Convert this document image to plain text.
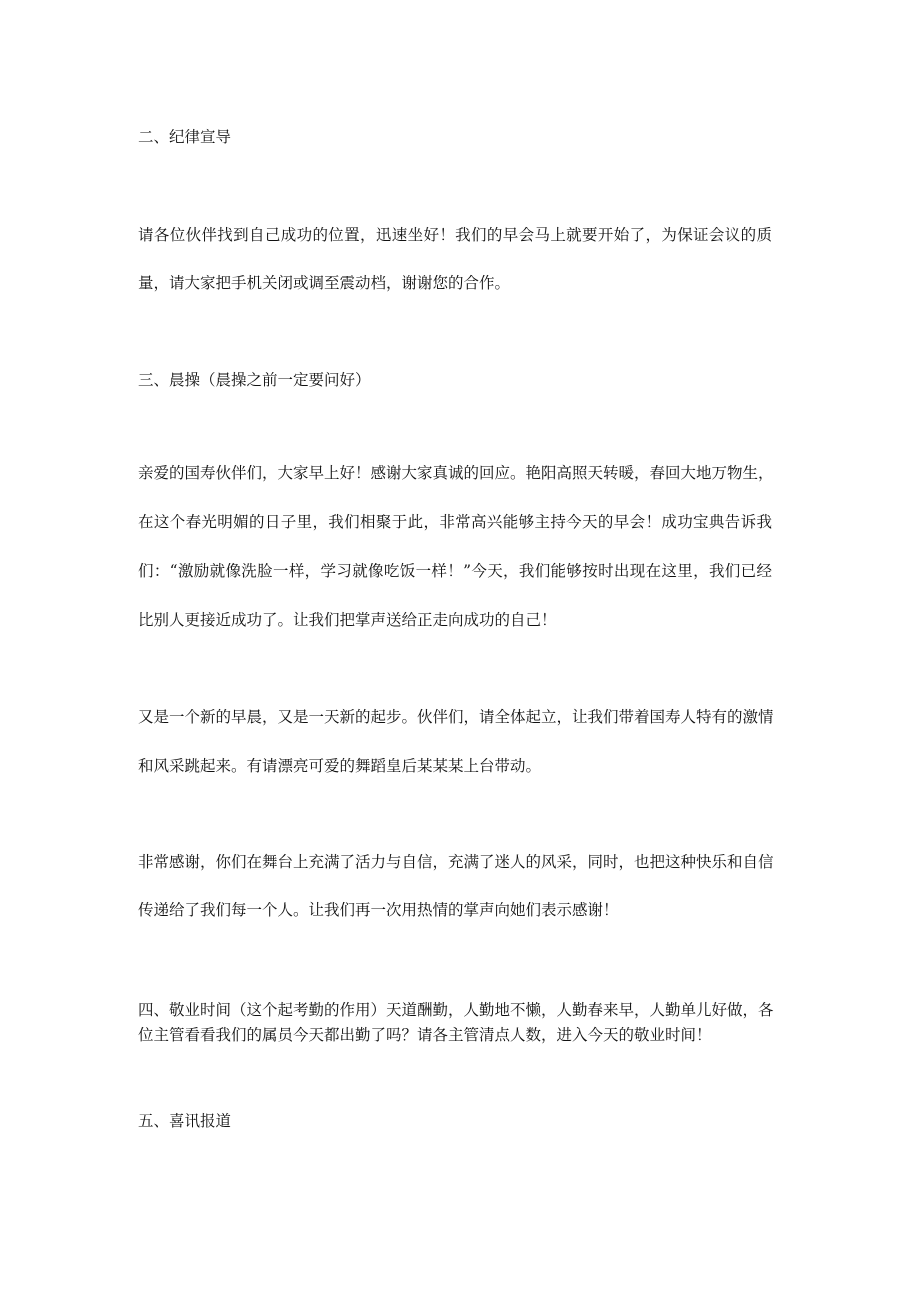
二、纪律宣导

请各位伙伴找到自己成功的位置，迅速坐好！我们的早会马上就要开始了，为保证会议的质

量，请大家把手机关闭或调至震动档，谢谢您的合作。

三、晨操（晨操之前一定要问好）

亲爱的国寿伙伴们，大家早上好！感谢大家真诚的回应。艳阳高照天转暖，春回大地万物生，

在这个春光明媚的日子里，我们相聚于此，非常高兴能够主持今天的早会！成功宝典告诉我

们：“激励就像洗脸一样，学习就像吃饭一样！”今天，我们能够按时出现在这里，我们已经

比别人更接近成功了。让我们把掌声送给正走向成功的自己！

又是一个新的早晨，又是一天新的起步。伙伴们，请全体起立，让我们带着国寿人特有的激情

和风采跳起来。有请漂亮可爱的舞蹈皇后某某某上台带动。

非常感谢，你们在舞台上充满了活力与自信，充满了迷人的风采，同时，也把这种快乐和自信

传递给了我们每一个人。让我们再一次用热情的掌声向她们表示感谢！

四、敬业时间（这个起考勤的作用）天道酬勤，人勤地不懒，人勤春来早，人勤单儿好做，各

位主管看看我们的属员今天都出勤了吗？请各主管清点人数，进入今天的敬业时间！

五、喜讯报道
